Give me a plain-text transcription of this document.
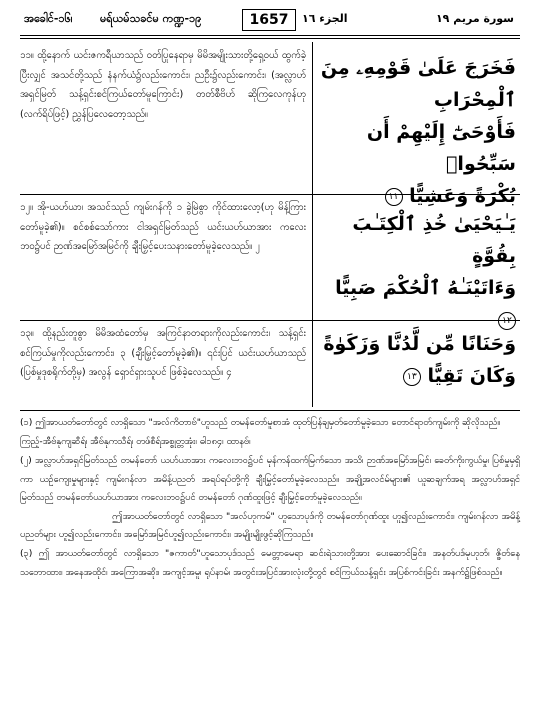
အခေါင်-၁၆၊ မရ်ယမ်သခင်မ ကဏ္ဍ-၁၉	1657	الجزء ١٦	سورة مريم ١٩

၁၁။ ထို့နောက် ယင်းဇကရီယာသည် ဝတ်ပြုနေရာမှ မိမိအမျိုးသားတို့ရှေ့ဝယ် ထွက်ခဲ့ပြီးလျှင် အသင်တို့သည် နံနက်ယံ၌လည်းကောင်း၊ ညဦး၌လည်းကောင်း၊ (အလ္လာဟ်အရှင်မြတ် သန့်ရှင်းစင်ကြယ်တော်မူကြောင်း) တတ်စီဗိဟ် ဆိုကြလေကုန်ဟု (လက်ရိပ်ဖြင့်) ညွှန်ပြလေတော့သည်။

فَخَرَجَ عَلَىٰ قَوْمِهِۦ مِنَ ٱلْمِحْرَابِ

فَأَوْحَىٰٓ إِلَيْهِمْ أَن سَبِّحُوا۟

بُكْرَةً وَعَشِيًّا ١١

၁၂။ အို-ယဟ်ယာ၊ အသင်သည် ကျမ်းဂန်ကို ၁ ခွဲမြဲစွာ ကိုင်ထားလော့(ဟု မိန့်ကြားတော်မူခဲ့၏)။ စင်စစ်သော်ကား ငါအရှင်မြတ်သည် ယင်းယဟ်ယာအား ကလေးဘဝ၌ပင် ဉာဏ်အမြော်အမြင်ကို ချီးမြှင့်ပေးသနားတော်မူခဲ့လေသည်။ ၂

يَـٰيَحْيَىٰ خُذِ ٱلْكِتَـٰبَ بِقُوَّةٍ

وَءَاتَيْنَـٰهُ ٱلْحُكْمَ صَبِيًّا ١٢

၁၃။ ထို့နည်းတူစွာ မိမိအထံတော်မှ အကြင်နာတရားကိုလည်းကောင်း၊ သန့်ရှင်းစင်ကြယ်မှုကိုလည်းကောင်း၊ ၃ (ချီးမြှင့်တော်မူခဲ့၏)။ ၎င်းပြင် ယင်းယဟ်ယာသည် (ပြစ်မှုဒုစရိုက်တို့မှ) အလွန် ရှောင်ရှားသူပင် ဖြစ်ခဲ့လေသည်။ ၄

وَحَنَانًا مِّن لَّدُنَّا وَزَكَوٰةً

وَكَانَ تَقِيًّا ١٣

(၁) ဤအာယတ်တော်တွင် လာရှိသော "အလ်ကိတာဗ်"ဟူသည် တမန်တော်မူစာအံ ထုတ်ပြန်ချမှတ်တော်မူခဲ့သော တောင်ရာတ်ကျမ်းကို ဆိုလိုသည်။

ကြည့်-အီဗ်နုကျဆီရ်၊ အီဗ်နုကသီရ်၊ တဖ်စီရ်အစ္စုတ္တအုံး၊ ဓါ၁၈၄၊ ထာနဗ်၊

(၂) အလ္လာဟ်အရှင်မြတ်သည် တမန်တော် ယဟ်ယာအား ကလေးဘဝ၌ပင် မုန်ကန်ထက်မြက်သော အသိ၊ ဉာဏ်အမြော်အမြင်၊ ခေတ်ကိုးကွယ်မှု၊ ပြစ်မှုမှရှိကာ ယဉ်ကျေးမှုများနှင့် ကျမ်းဂန်လာ အမိန့်ပညတ် အရပ်ရပ်တို့ကို ချီးမြှင့်တော်မူခဲ့လေသည်။ အချို့အလင်မ်များ၏ ယူဆချက်အရ အလ္လာဟ်အရှင်မြတ်သည် တမန်တော်ယဟ်ယာအား ကလေးဘဝ၌ပင် တမန်တော် ဂုဏ်ထူးဖြင့် ချီးမြှင့်တော်မူခဲ့လေသည်။

ဤအာယတ်တော်တွင် လာရှိသော "အလ်ဟုကမ်" ဟူသောပုဒ်ကို တမန်တော်ဂုဏ်ထူး ဟူ၍လည်းကောင်း၊ ကျမ်းဂန်လာ အမိန့်ပညတ်များ ဟူ၍လည်းကောင်း၊ အမြော်အမြင်ဟူ၍လည်းကောင်း၊ အမျိုးမျိုးဖွင့်ဆိုကြသည်။

(၃) ဤ အာယတ်တော်တွင် လာရှိသော "ဇကာတ်"ဟူသောပုဒ်သည် မေတ္တာမေရာ ဆင်းရဲသားတို့အား ပေးဆောင်ခြင်း၊ အနတ်ပဒ်မုဟုဘ်၊ ဇ္ဖိတ်နေသဘောထား၊ အနေအထိုင်၊ အကြောအဆိုး၊ အကျင့်အမူ၊ ရုပ်နာမ်၊ အတွင်းအပြင်အားလုံးတို့တွင် စင်ကြယ်သန့်ရှင်း အပြစ်ကင်းခြင်း အနက်၌ဖြစ်သည်။
